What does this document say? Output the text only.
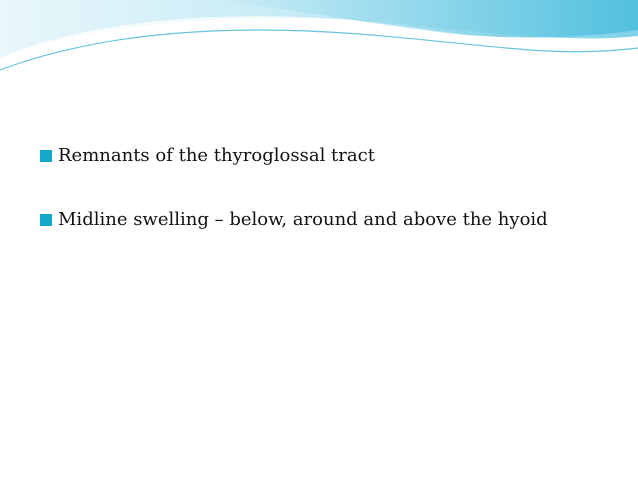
Remnants of the thyroglossal tract
Midline swelling – below, around and above the hyoid
